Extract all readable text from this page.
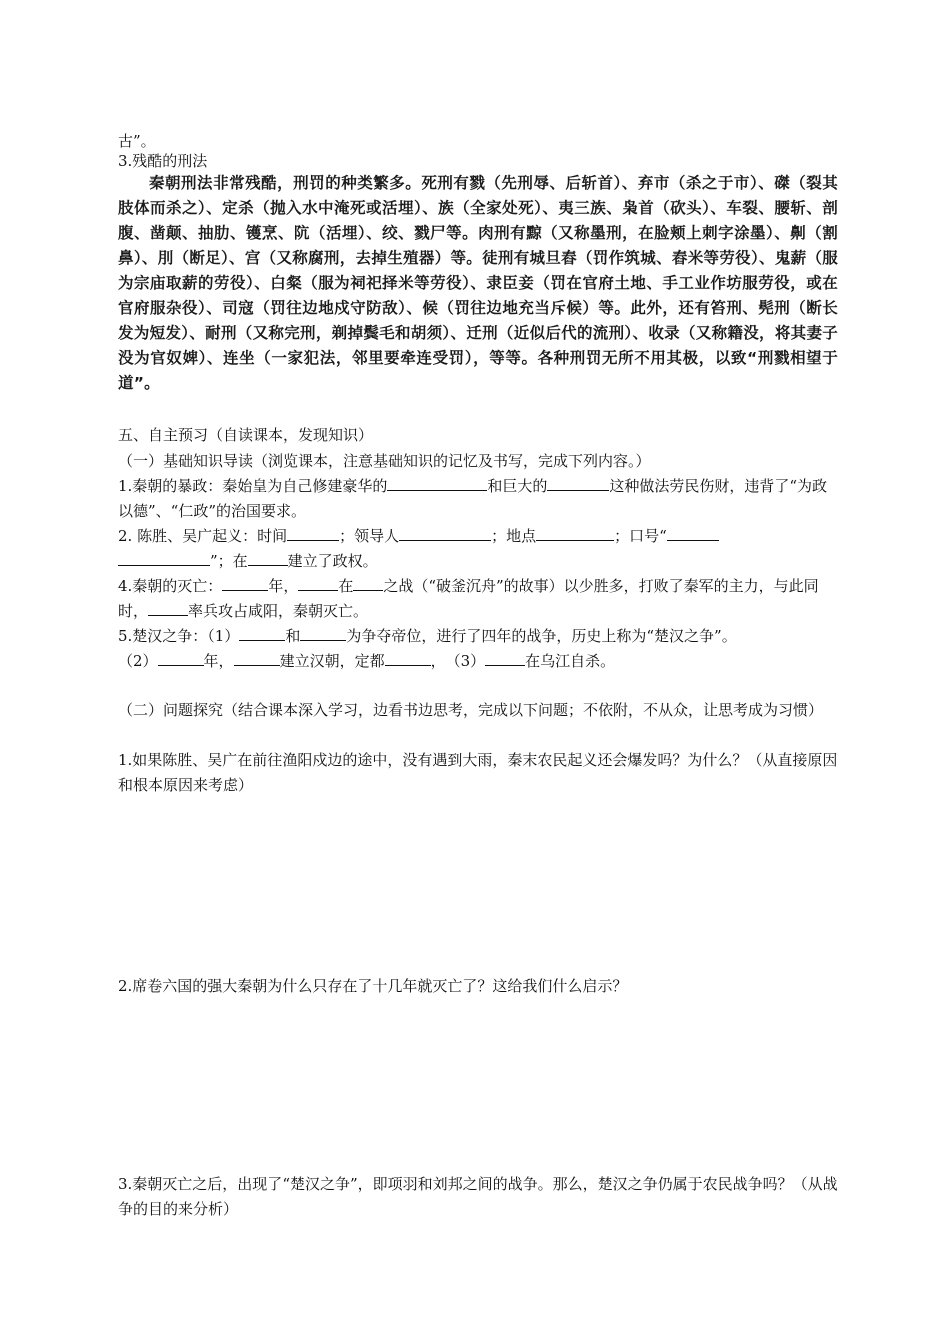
古”。
3.残酷的刑法

秦朝刑法非常残酷，刑罚的种类繁多。死刑有戮（先刑辱、后斩首）、弃市（杀之于市）、磔（裂其肢体而杀之）、定杀（抛入水中淹死或活埋）、族（全家处死）、夷三族、枭首（砍头）、车裂、腰斩、剖腹、凿颠、抽肋、镬烹、阬（活埋）、绞、戮尸等。肉刑有黥（又称墨刑，在脸颊上刺字涂墨）、劓（割鼻）、刖（断足）、宫（又称腐刑，去掉生殖器）等。徒刑有城旦舂（罚作筑城、舂米等劳役）、鬼薪（服为宗庙取薪的劳役）、白粲（服为祠祀择米等劳役）、隶臣妾（罚在官府土地、手工业作坊服劳役，或在官府服杂役）、司寇（罚往边地戍守防敌）、候（罚往边地充当斥候）等。此外，还有笞刑、髡刑（断长发为短发）、耐刑（又称完刑，剃掉鬓毛和胡须）、迁刑（近似后代的流刑）、收录（又称籍没，将其妻子没为官奴婢）、连坐（一家犯法，邻里要牵连受罚），等等。各种刑罚无所不用其极，以致“刑戮相望于道”。

五、自主预习（自读课本，发现知识）
（一）基础知识导读（浏览课本，注意基础知识的记忆及书写，完成下列内容。）
1.秦朝的暴政：秦始皇为自己修建豪华的	和巨大的	这种做法劳民伤财，违背了“为政以德”、“仁政”的治国要求。
2. 陈胜、吴广起义：时间	；领导人	；地点	；口号“
”；在	建立了政权。
4.秦朝的灭亡：	年，	在 之战（“破釜沉舟”的故事）以少胜多，打败了秦军的主力，与此同时，	率兵攻占咸阳，秦朝灭亡。
5.楚汉之争：（1）	和	为争夺帝位，进行了四年的战争，历史上称为“楚汉之争”。
（2）	年，	建立汉朝，定都	，　（3）	在乌江自杀。
（二）问题探究（结合课本深入学习，边看书边思考，完成以下问题；不依附，不从众，让思考成为习惯）
1.如果陈胜、吴广在前往渔阳戍边的途中，没有遇到大雨，秦末农民起义还会爆发吗？为什么？（从直接原因和根本原因来考虑）
2.席卷六国的强大秦朝为什么只存在了十几年就灭亡了？这给我们什么启示？
3.秦朝灭亡之后，出现了“楚汉之争”，即项羽和刘邦之间的战争。那么，楚汉之争仍属于农民战争吗？（从战争的目的来分析）
